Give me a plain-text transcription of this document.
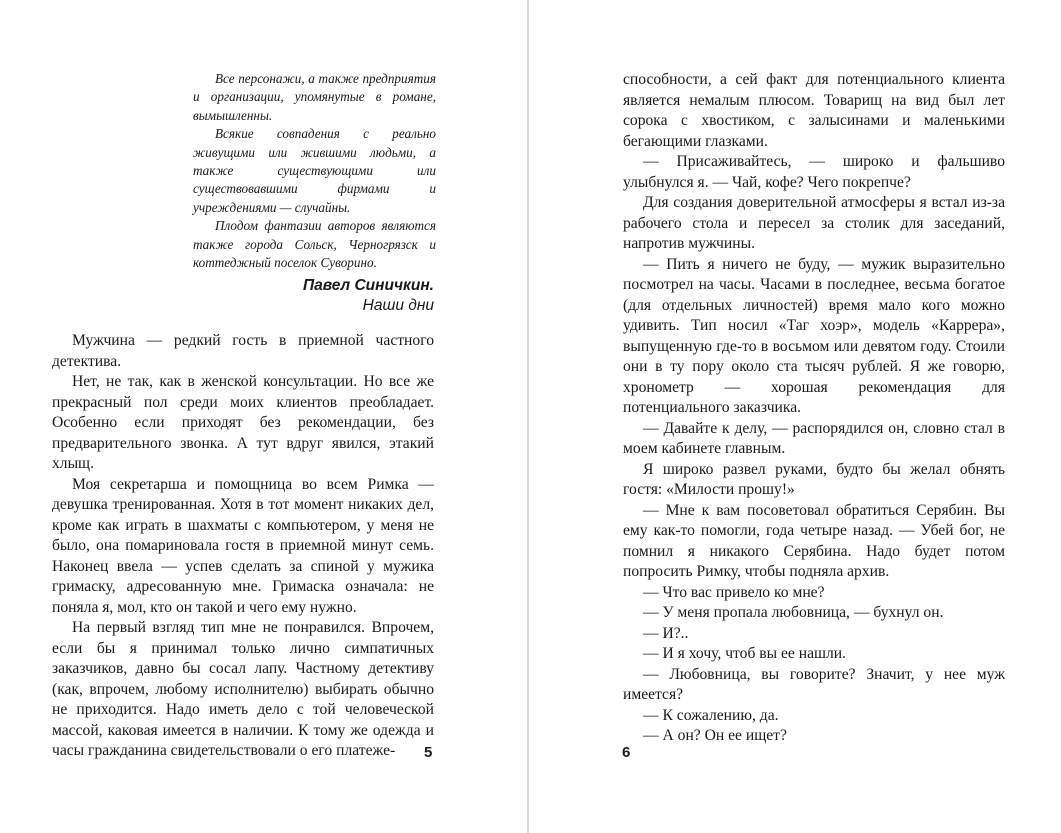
Все персонажи, а также предприятия и организации, упомянутые в романе, вымышленны.

Всякие совпадения с реально живущими или жившими людьми, а также существующими или существовавшими фирмами и учреждениями — случайны.

Плодом фантазии авторов являются также города Сольск, Черногрязск и коттеджный поселок Суворино.

Павел Синичкин.
Наши дни

Мужчина — редкий гость в приемной частного детектива.

Нет, не так, как в женской консультации. Но все же прекрасный пол среди моих клиентов преобладает. Особенно если приходят без рекомендации, без предварительного звонка. А тут вдруг явился, этакий хлыщ.

Моя секретарша и помощница во всем Римка — девушка тренированная. Хотя в тот момент никаких дел, кроме как играть в шахматы с компьютером, у меня не было, она помариновала гостя в приемной минут семь. Наконец ввела — успев сделать за спиной у мужика гримаску, адресованную мне. Гримаска означала: не поняла я, мол, кто он такой и чего ему нужно.

На первый взгляд тип мне не понравился. Впрочем, если бы я принимал только лично симпатичных заказчиков, давно бы сосал лапу. Частному детективу (как, впрочем, любому исполнителю) выбирать обычно не приходится. Надо иметь дело с той человеческой массой, каковая имеется в наличии. К тому же одежда и часы гражданина свидетельствовали о его платеже-	5

способности, а сей факт для потенциального клиента является немалым плюсом. Товарищ на вид был лет сорока с хвостиком, с залысинами и маленькими бегающими глазками.

— Присаживайтесь, — широко и фальшиво улыбнулся я. — Чай, кофе? Чего покрепче?

Для создания доверительной атмосферы я встал из-за рабочего стола и пересел за столик для заседаний, напротив мужчины.

— Пить я ничего не буду, — мужик выразительно посмотрел на часы. Часами в последнее, весьма богатое (для отдельных личностей) время мало кого можно удивить. Тип носил «Таг хоэр», модель «Каррера», выпущенную где-то в восьмом или девятом году. Стоили они в ту пору около ста тысяч рублей. Я же говорю, хронометр — хорошая рекомендация для потенциального заказчика.

— Давайте к делу, — распорядился он, словно стал в моем кабинете главным.

Я широко развел руками, будто бы желал обнять гостя: «Милости прошу!»

— Мне к вам посоветовал обратиться Серябин. Вы ему как-то помогли, года четыре назад. — Убей бог, не помнил я никакого Серябина. Надо будет потом попросить Римку, чтобы подняла архив.

— Что вас привело ко мне?

— У меня пропала любовница, — бухнул он.

— И?..

— И я хочу, чтоб вы ее нашли.

— Любовница, вы говорите? Значит, у нее муж имеется?

— К сожалению, да.

— А он? Он ее ищет?

6
